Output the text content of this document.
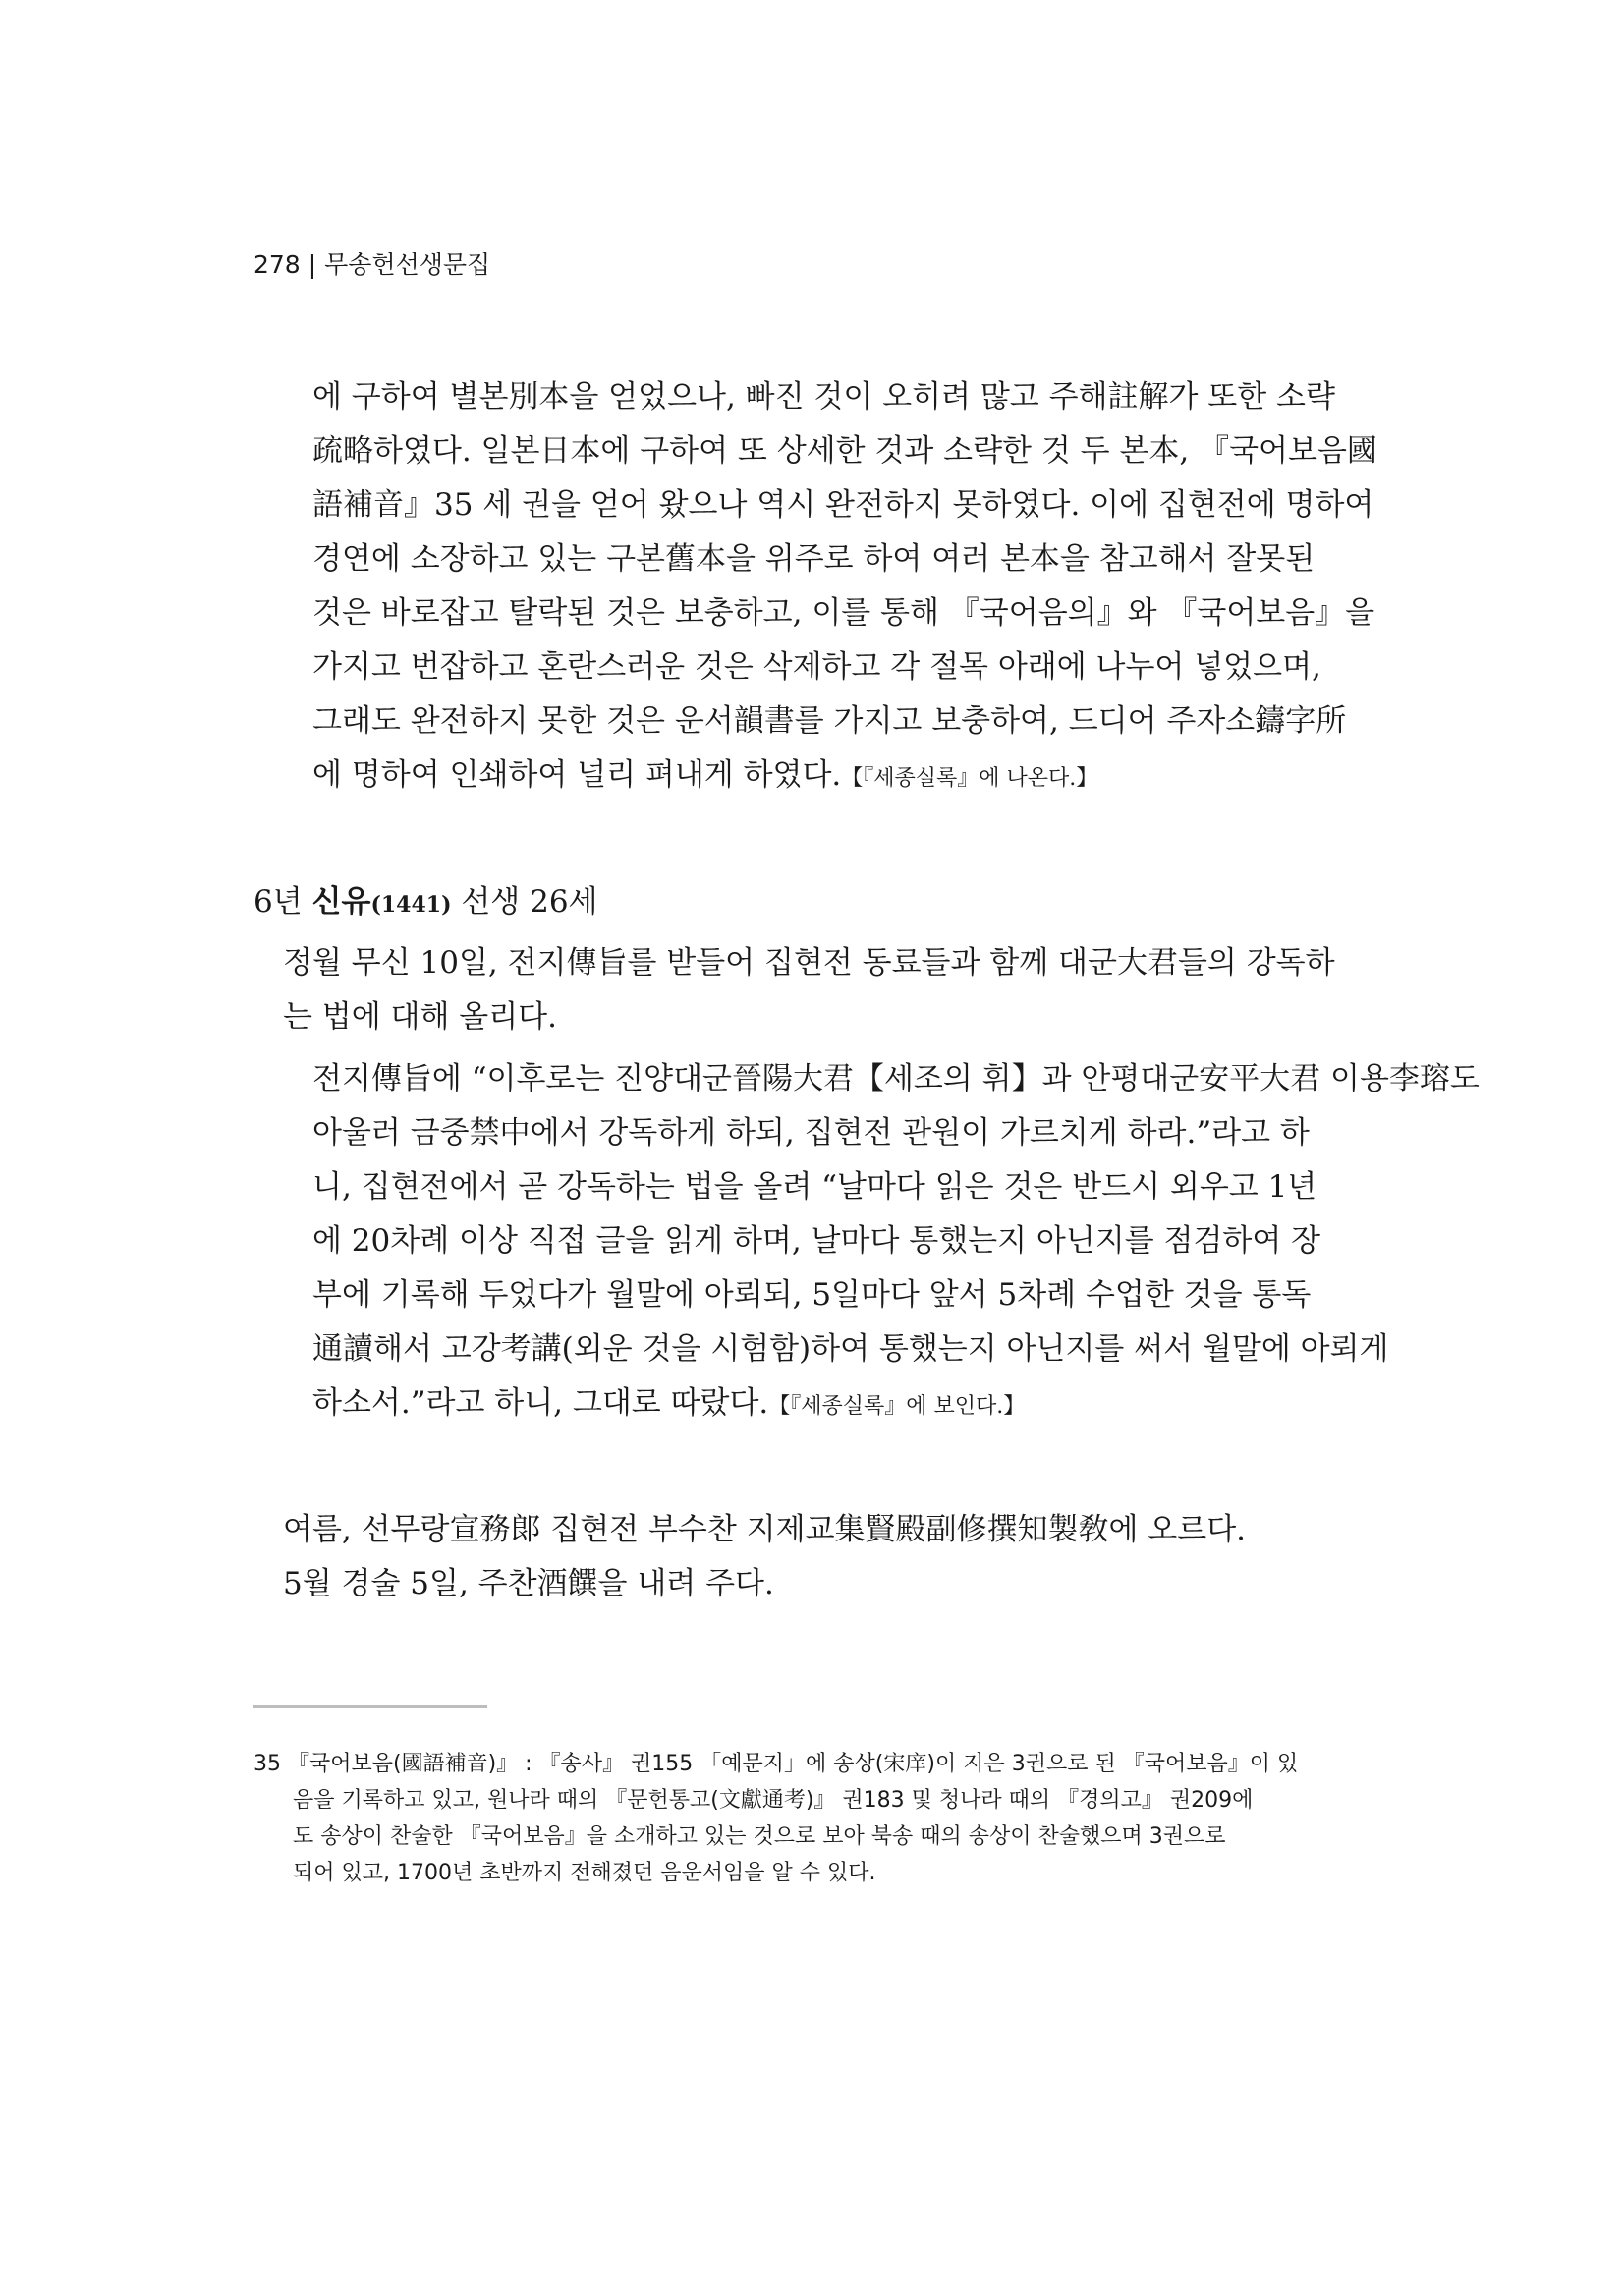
278 | 무송헌선생문집
에 구하여 별본別本을 얻었으나, 빠진 것이 오히려 많고 주해註解가 또한 소략
疏略하였다. 일본日本에 구하여 또 상세한 것과 소략한 것 두 본本, 『국어보음國
語補音』35 세 권을 얻어 왔으나 역시 완전하지 못하였다. 이에 집현전에 명하여
경연에 소장하고 있는 구본舊本을 위주로 하여 여러 본本을 참고해서 잘못된
것은 바로잡고 탈락된 것은 보충하고, 이를 통해 『국어음의』와 『국어보음』을
가지고 번잡하고 혼란스러운 것은 삭제하고 각 절목 아래에 나누어 넣었으며,
그래도 완전하지 못한 것은 운서韻書를 가지고 보충하여, 드디어 주자소鑄字所
에 명하여 인쇄하여 널리 펴내게 하였다.【『세종실록』에 나온다.】
6년 신유(1441) 선생 26세
정월 무신 10일, 전지傳旨를 받들어 집현전 동료들과 함께 대군大君들의 강독하
는 법에 대해 올리다.
전지傳旨에 “이후로는 진양대군晉陽大君【세조의 휘】과 안평대군安平大君 이용李瑢도
아울러 금중禁中에서 강독하게 하되, 집현전 관원이 가르치게 하라.”라고 하
니, 집현전에서 곧 강독하는 법을 올려 “날마다 읽은 것은 반드시 외우고 1년
에 20차례 이상 직접 글을 읽게 하며, 날마다 통했는지 아닌지를 점검하여 장
부에 기록해 두었다가 월말에 아뢰되, 5일마다 앞서 5차례 수업한 것을 통독
通讀해서 고강考講(외운 것을 시험함)하여 통했는지 아닌지를 써서 월말에 아뢰게
하소서.”라고 하니, 그대로 따랐다.【『세종실록』에 보인다.】
여름, 선무랑宣務郞 집현전 부수찬 지제교集賢殿副修撰知製敎에 오르다.
5월 경술 5일, 주찬酒饌을 내려 주다.
35 『국어보음(國語補音)』 : 『송사』 권155 「예문지」에 송상(宋庠)이 지은 3권으로 된 『국어보음』이 있
음을 기록하고 있고, 원나라 때의 『문헌통고(文獻通考)』 권183 및 청나라 때의 『경의고』 권209에
도 송상이 찬술한 『국어보음』을 소개하고 있는 것으로 보아 북송 때의 송상이 찬술했으며 3권으로
되어 있고, 1700년 초반까지 전해졌던 음운서임을 알 수 있다.
